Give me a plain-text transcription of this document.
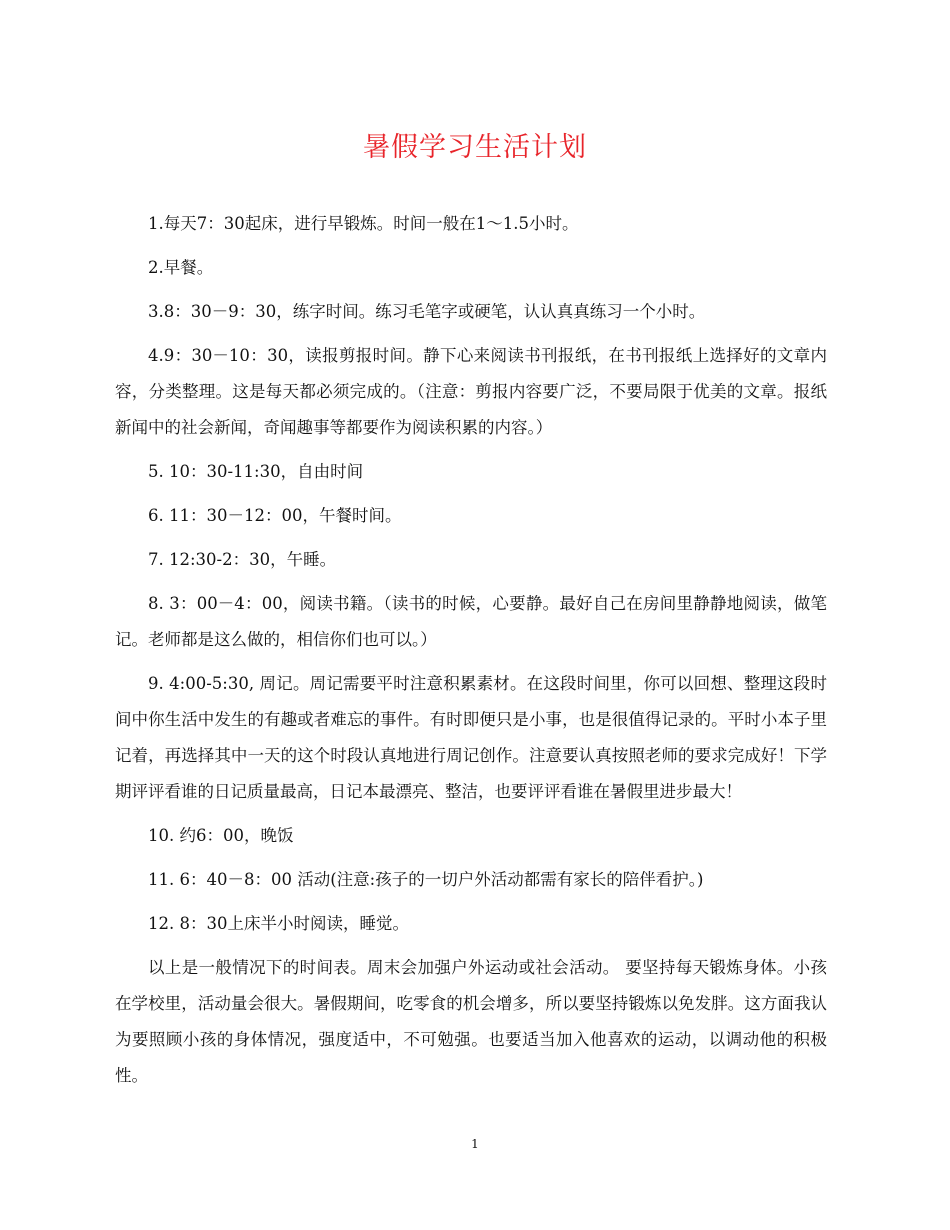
暑假学习生活计划

1.每天7：30起床，进行早锻炼。时间一般在1～1.5小时。

2.早餐。

3.8：30－9：30，练字时间。练习毛笔字或硬笔，认认真真练习一个小时。

4.9：30－10：30，读报剪报时间。静下心来阅读书刊报纸，在书刊报纸上选择好的文章内容，分类整理。这是每天都必须完成的。（注意：剪报内容要广泛，不要局限于优美的文章。报纸新闻中的社会新闻，奇闻趣事等都要作为阅读积累的内容。）

5. 10：30-11:30，自由时间

6. 11：30－12：00，午餐时间。

7. 12:30-2：30，午睡。

8. 3：00－4：00，阅读书籍。（读书的时候，心要静。最好自己在房间里静静地阅读，做笔记。老师都是这么做的，相信你们也可以。）

9. 4:00-5:30, 周记。周记需要平时注意积累素材。在这段时间里，你可以回想、整理这段时间中你生活中发生的有趣或者难忘的事件。有时即便只是小事，也是很值得记录的。平时小本子里记着，再选择其中一天的这个时段认真地进行周记创作。注意要认真按照老师的要求完成好！下学期评评看谁的日记质量最高，日记本最漂亮、整洁，也要评评看谁在暑假里进步最大！

10. 约6：00，晚饭

11. 6：40－8：00 活动(注意:孩子的一切户外活动都需有家长的陪伴看护。)

12. 8：30上床半小时阅读，睡觉。

以上是一般情况下的时间表。周末会加强户外运动或社会活动。 要坚持每天锻炼身体。小孩在学校里，活动量会很大。暑假期间，吃零食的机会增多，所以要坚持锻炼以免发胖。这方面我认为要照顾小孩的身体情况，强度适中，不可勉强。也要适当加入他喜欢的运动，以调动他的积极性。

1
